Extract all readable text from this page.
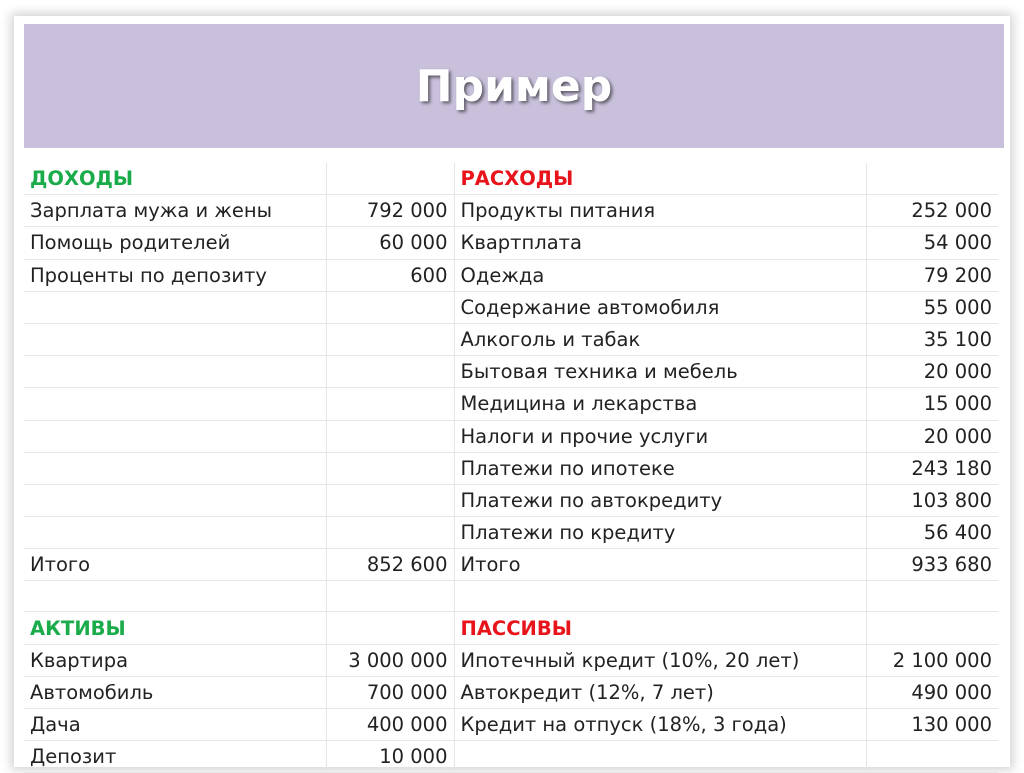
Пример
ДОХОДЫ		РАСХОДЫ	
Зарплата мужа и жены	792 000	Продукты питания	252 000
Помощь родителей	60 000	Квартплата	54 000
Проценты по депозиту	600	Одежда	79 200
		Содержание автомобиля	55 000
		Алкоголь и табак	35 100
		Бытовая техника и мебель	20 000
		Медицина и лекарства	15 000
		Налоги и прочие услуги	20 000
		Платежи по ипотеке	243 180
		Платежи по автокредиту	103 800
		Платежи по кредиту	56 400
Итого	852 600	Итого	933 680

АКТИВЫ		ПАССИВЫ	
Квартира	3 000 000	Ипотечный кредит (10%, 20 лет)	2 100 000
Автомобиль	700 000	Автокредит (12%, 7 лет)	490 000
Дача	400 000	Кредит на отпуск (18%, 3 года)	130 000
Депозит	10 000		
